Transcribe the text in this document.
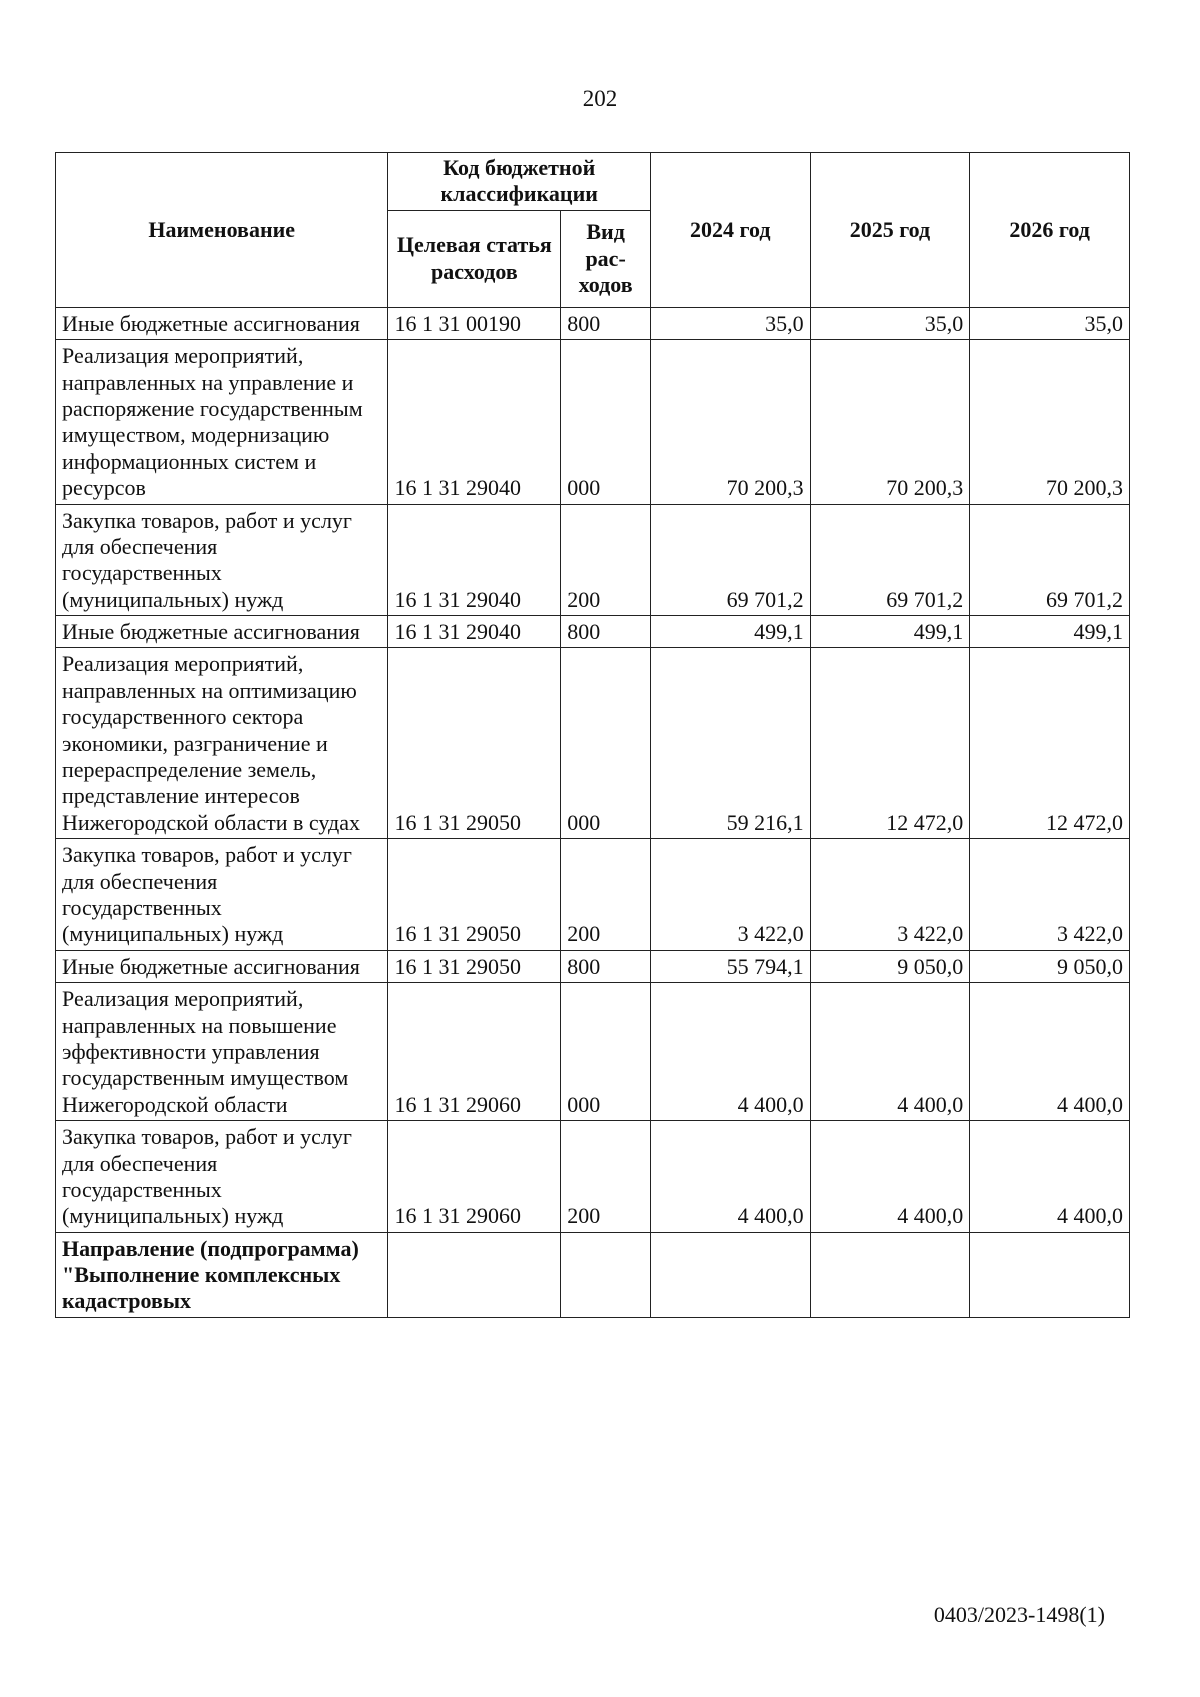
202
Наименование	Код бюджетной классификации		2024 год	2025 год	2026 год
	Целевая статья расходов	Вид рас-ходов			
Иные бюджетные ассигнования	16 1 31 00190	800	35,0	35,0	35,0
Реализация мероприятий, направленных на управление и распоряжение государственным имуществом, модернизацию информационных систем и ресурсов	16 1 31 29040	000	70 200,3	70 200,3	70 200,3
Закупка товаров, работ и услуг для обеспечения государственных (муниципальных) нужд	16 1 31 29040	200	69 701,2	69 701,2	69 701,2
Иные бюджетные ассигнования	16 1 31 29040	800	499,1	499,1	499,1
Реализация мероприятий, направленных на оптимизацию государственного сектора экономики, разграничение и перераспределение земель, представление интересов Нижегородской области в судах	16 1 31 29050	000	59 216,1	12 472,0	12 472,0
Закупка товаров, работ и услуг для обеспечения государственных (муниципальных) нужд	16 1 31 29050	200	3 422,0	3 422,0	3 422,0
Иные бюджетные ассигнования	16 1 31 29050	800	55 794,1	9 050,0	9 050,0
Реализация мероприятий, направленных на повышение эффективности управления государственным имуществом Нижегородской области	16 1 31 29060	000	4 400,0	4 400,0	4 400,0
Закупка товаров, работ и услуг для обеспечения государственных (муниципальных) нужд	16 1 31 29060	200	4 400,0	4 400,0	4 400,0
Направление (подпрограмма) "Выполнение комплексных кадастровых					
0403/2023-1498(1)
